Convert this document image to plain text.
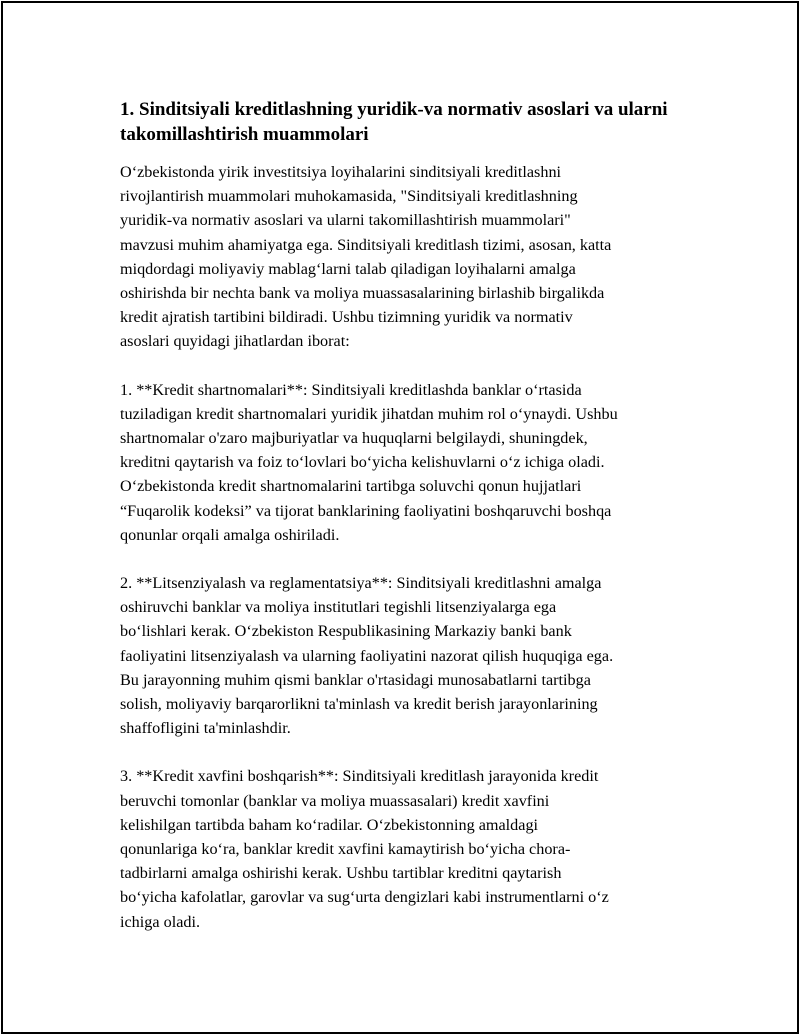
1. Sinditsiyali kreditlashning yuridik-va normativ asoslari va ularni takomillashtirish muammolari

O‘zbekistonda yirik investitsiya loyihalarini sinditsiyali kreditlashni
rivojlantirish muammolari muhokamasida, "Sinditsiyali kreditlashning
yuridik-va normativ asoslari va ularni takomillashtirish muammolari"
mavzusi muhim ahamiyatga ega. Sinditsiyali kreditlash tizimi, asosan, katta
miqdordagi moliyaviy mablag‘larni talab qiladigan loyihalarni amalga
oshirishda bir nechta bank va moliya muassasalarining birlashib birgalikda
kredit ajratish tartibini bildiradi. Ushbu tizimning yuridik va normativ
asoslari quyidagi jihatlardan iborat:

1. **Kredit shartnomalari**: Sinditsiyali kreditlashda banklar o‘rtasida
tuziladigan kredit shartnomalari yuridik jihatdan muhim rol o‘ynaydi. Ushbu
shartnomalar o'zaro majburiyatlar va huquqlarni belgilaydi, shuningdek,
kreditni qaytarish va foiz to‘lovlari bo‘yicha kelishuvlarni o‘z ichiga oladi.
O‘zbekistonda kredit shartnomalarini tartibga soluvchi qonun hujjatlari
“Fuqarolik kodeksi” va tijorat banklarining faoliyatini boshqaruvchi boshqa
qonunlar orqali amalga oshiriladi.

2. **Litsenziyalash va reglamentatsiya**: Sinditsiyali kreditlashni amalga
oshiruvchi banklar va moliya institutlari tegishli litsenziyalarga ega
bo‘lishlari kerak. O‘zbekiston Respublikasining Markaziy banki bank
faoliyatini litsenziyalash va ularning faoliyatini nazorat qilish huquqiga ega.
Bu jarayonning muhim qismi banklar o'rtasidagi munosabatlarni tartibga
solish, moliyaviy barqarorlikni ta'minlash va kredit berish jarayonlarining
shaffofligini ta'minlashdir.

3. **Kredit xavfini boshqarish**: Sinditsiyali kreditlash jarayonida kredit
beruvchi tomonlar (banklar va moliya muassasalari) kredit xavfini
kelishilgan tartibda baham ko‘radilar. O‘zbekistonning amaldagi
qonunlariga ko‘ra, banklar kredit xavfini kamaytirish bo‘yicha chora-
tadbirlarni amalga oshirishi kerak. Ushbu tartiblar kreditni qaytarish
bo‘yicha kafolatlar, garovlar va sug‘urta dengizlari kabi instrumentlarni o‘z
ichiga oladi.
